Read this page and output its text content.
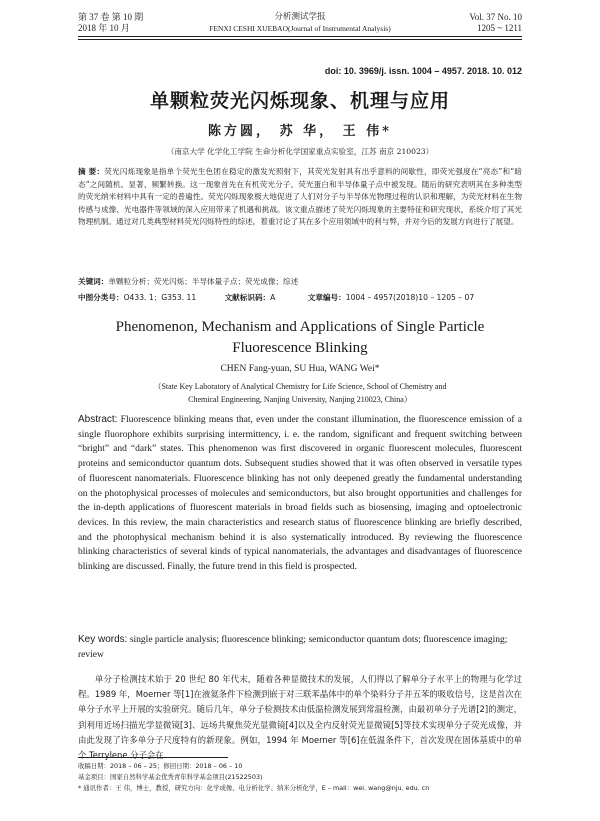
第 37 卷 第 10 期
2018 年 10 月
分析测试学报
FENXI CESHI XUEBAO(Journal of Instrumental Analysis)
Vol. 37 No. 10
1205 ~ 1211
doi: 10. 3969/j. issn. 1004 – 4957. 2018. 10. 012
单颗粒荧光闪烁现象、机理与应用
陈方圆， 苏 华， 王 伟*
（南京大学 化学化工学院 生命分析化学国家重点实验室，江苏 南京 210023）
摘 要：荧光闪烁现象是指单个荧光生色团在稳定的激发光照射下，其荧光发射具有出乎意料的间歇性，即荧光强度在“亮态”和“暗态”之间随机、显著、频繁转换。这一现象首先在有机荧光分子、荧光蛋白和半导体量子点中被发现。随后的研究表明其在多种类型的荧光纳米材料中具有一定的普遍性。荧光闪烁现象极大地促进了人们对分子与半导体光物理过程的认识和理解，为荧光材料在生物传感与成像、光电器件等领域的深入应用带来了机遇和挑战。该文重点描述了荧光闪烁现象的主要特征和研究现状，系统介绍了其光物理机制。通过对几类典型材料荧光闪烁特性的综述，着重讨论了其在多个应用领域中的利与弊，并对今后的发展方向进行了展望。
关键词：单颗粒分析；荧光闪烁；半导体量子点；荧光成像；综述
中图分类号：O433. 1；G353. 11	文献标识码：A	文章编号：1004 – 4957(2018)10 – 1205 – 07
Phenomenon, Mechanism and Applications of Single Particle
Fluorescence Blinking
CHEN Fang-yuan, SU Hua, WANG Wei*
（State Key Laboratory of Analytical Chemistry for Life Science, School of Chemistry and
Chemical Engineering, Nanjing University, Nanjing 210023, China）
Abstract: Fluorescence blinking means that, even under the constant illumination, the fluorescence emission of a single fluorophore exhibits surprising intermittency, i. e. the random, significant and frequent switching between “bright” and “dark” states. This phenomenon was first discovered in organic fluorescent molecules, fluorescent proteins and semiconductor quantum dots. Subsequent studies showed that it was often observed in versatile types of fluorescent nanomaterials. Fluorescence blinking has not only deepened greatly the fundamental understanding on the photophysical processes of molecules and semiconductors, but also brought opportunities and challenges for the in-depth applications of fluorescent materials in broad fields such as biosensing, imaging and optoelectronic devices. In this review, the main characteristics and research status of fluorescence blinking are briefly described, and the photophysical mechanism behind it is also systematically introduced. By reviewing the fluorescence blinking characteristics of several kinds of typical nanomaterials, the advantages and disadvantages of fluorescence blinking are discussed. Finally, the future trend in this field is prospected.
Key words: single particle analysis; fluorescence blinking; semiconductor quantum dots; fluorescence imaging; review
单分子检测技术始于 20 世纪 80 年代末，随着各种显微技术的发展，人们得以了解单分子水平上的物理与化学过程。1989 年，Moerner 等[1]在液氦条件下检测到嵌于对三联苯晶体中的单个染料分子并五苯的吸收信号，这是首次在单分子水平上开展的实验研究。随后几年，单分子检测技术由低温检测发展到常温检测，由最初单分子光谱[2]的测定，到利用近场扫描光学显微镜[3]、远场共聚焦荧光显微镜[4]以及全内反射荧光显微镜[5]等技术实现单分子荧光成像，并由此发现了许多单分子尺度特有的新现象。例如，1994 年 Moerner 等[6]在低温条件下，首次发现在固体基质中的单个 Terrylene 分子会在
收稿日期：2018 – 06 – 25；修回日期：2018 – 06 – 10
基金项目：国家自然科学基金优秀青年科学基金项目(21522503)
* 通讯作者：王 伟，博士，教授，研究方向：化学成像、电分析化学、纳米分析化学，E – mail：wei. wang@nju. edu. cn
